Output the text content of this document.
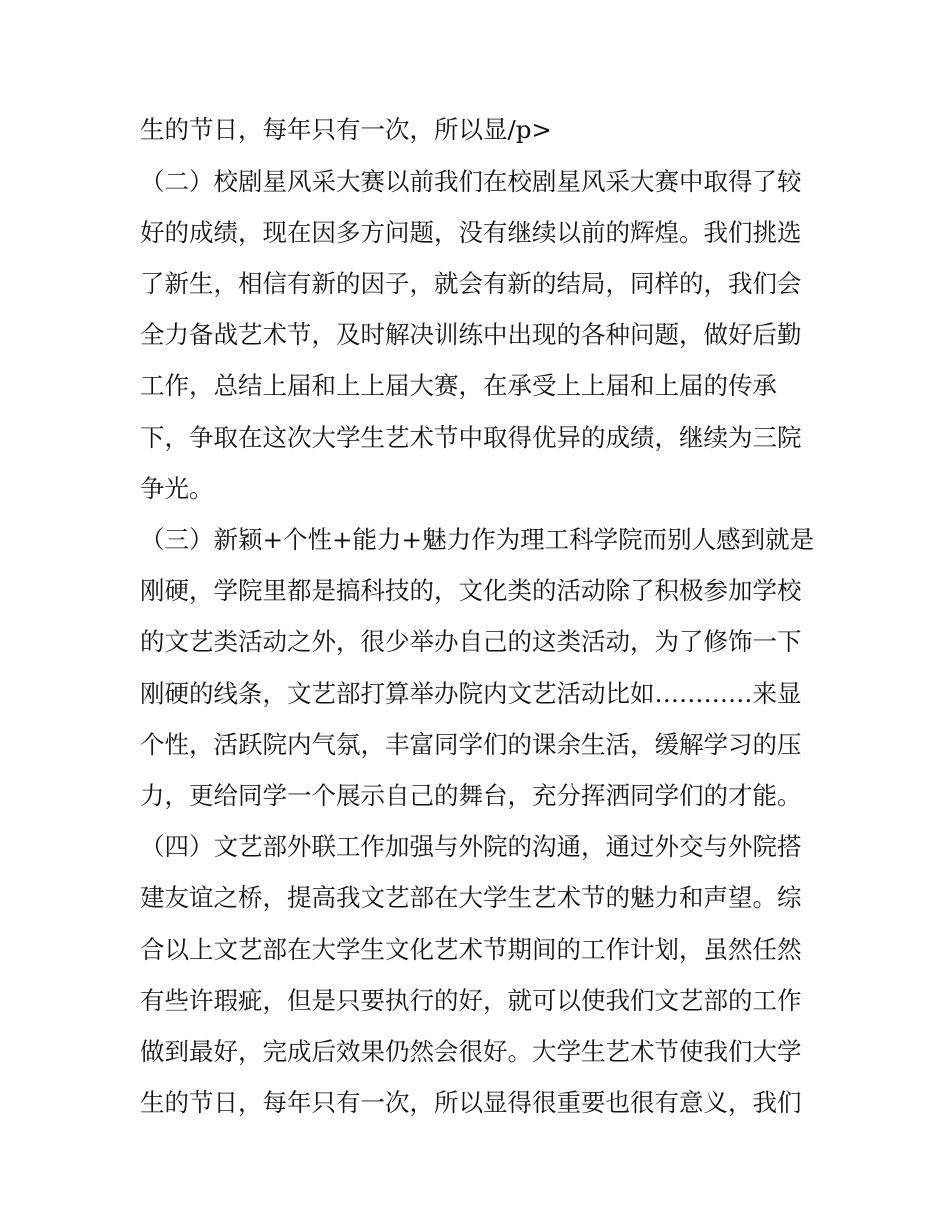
生的节日，每年只有一次，所以显/p>
（二）校剧星风采大赛以前我们在校剧星风采大赛中取得了较
好的成绩，现在因多方问题，没有继续以前的辉煌。我们挑选
了新生，相信有新的因子，就会有新的结局，同样的，我们会
全力备战艺术节，及时解决训练中出现的各种问题，做好后勤
工作，总结上届和上上届大赛，在承受上上届和上届的传承
下，争取在这次大学生艺术节中取得优异的成绩，继续为三院
争光。
（三）新颖+个性+能力+魅力作为理工科学院而别人感到就是
刚硬，学院里都是搞科技的，文化类的活动除了积极参加学校
的文艺类活动之外，很少举办自己的这类活动，为了修饰一下
刚硬的线条，文艺部打算举办院内文艺活动比如…………来显
个性，活跃院内气氛，丰富同学们的课余生活，缓解学习的压
力，更给同学一个展示自己的舞台，充分挥洒同学们的才能。
（四）文艺部外联工作加强与外院的沟通，通过外交与外院搭
建友谊之桥，提高我文艺部在大学生艺术节的魅力和声望。综
合以上文艺部在大学生文化艺术节期间的工作计划，虽然任然
有些许瑕疵，但是只要执行的好，就可以使我们文艺部的工作
做到最好，完成后效果仍然会很好。大学生艺术节使我们大学
生的节日，每年只有一次，所以显得很重要也很有意义，我们
